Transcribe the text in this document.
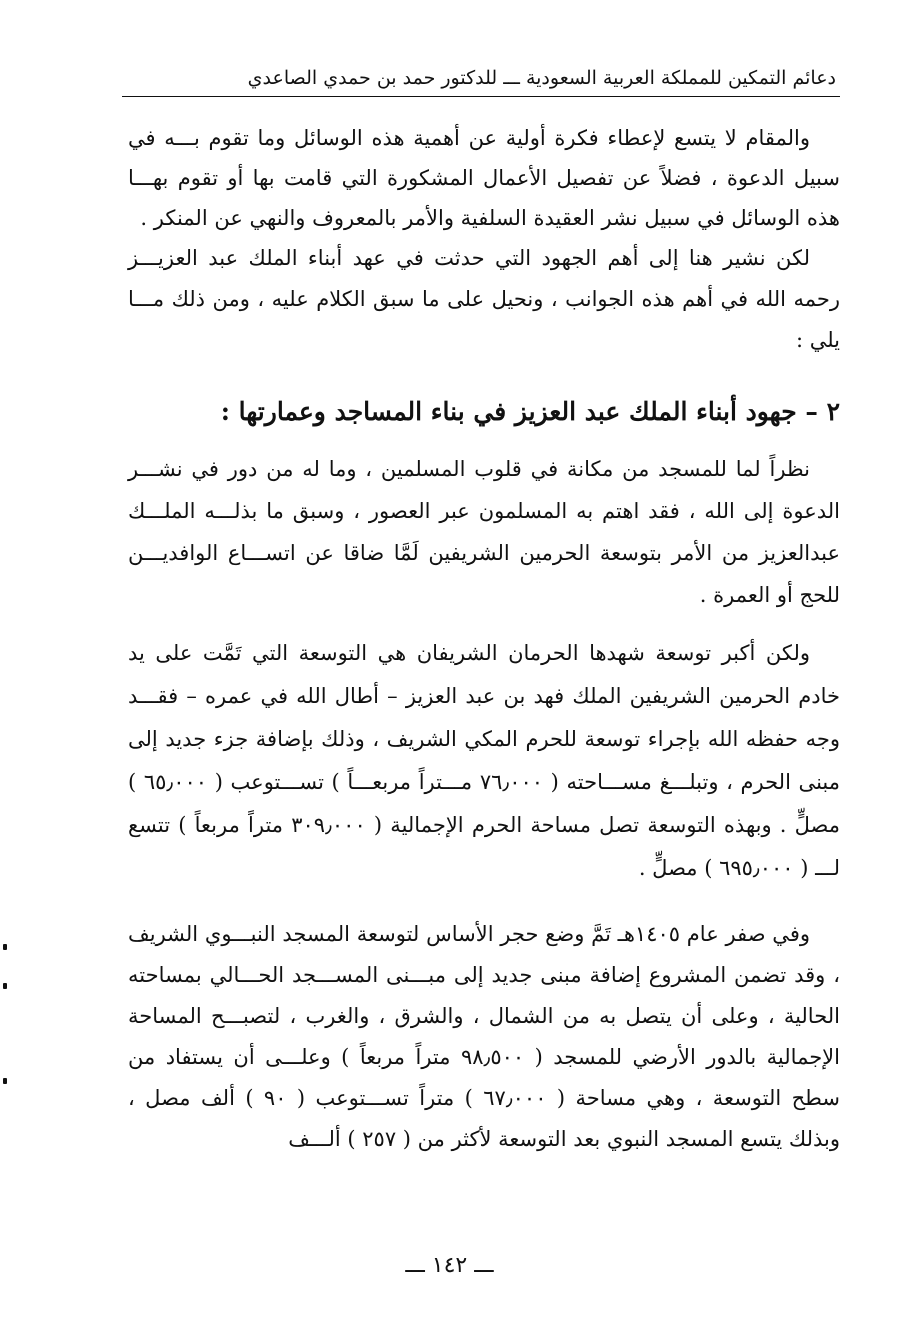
دعائم التمكين للمملكة العربية السعودية ـــ للدكتور حمد بن حمدي الصاعدي
والمقام لا يتسع لإعطاء فكرة أولية عن أهمية هذه الوسائل وما تقوم بـــه في سبيل الدعوة ، فضلاً عن تفصيل الأعمال المشكورة التي قامت بها أو تقوم بهـــا هذه الوسائل في سبيل نشر العقيدة السلفية والأمر بالمعروف والنهي عن المنكر .
لكن نشير هنا إلى أهم الجهود التي حدثت في عهد أبناء الملك عبد العزيـــز رحمه الله في أهم هذه الجوانب ، ونحيل على ما سبق الكلام عليه ، ومن ذلك مـــا يلي :
٢ – جهود أبناء الملك عبد العزيز في بناء المساجد وعمارتها :
نظراً لما للمسجد من مكانة في قلوب المسلمين ، وما له من دور في نشـــر الدعوة إلى الله ، فقد اهتم به المسلمون عبر العصور ، وسبق ما بذلـــه الملـــك عبدالعزيز من الأمر بتوسعة الحرمين الشريفين لَمَّا ضاقا عن اتســـاع الوافديـــن للحج أو العمرة .
ولكن أكبر توسعة شهدها الحرمان الشريفان هي التوسعة التي تَمَّت على يد خادم الحرمين الشريفين الملك فهد بن عبد العزيز – أطال الله في عمره – فقـــد وجه حفظه الله بإجراء توسعة للحرم المكي الشريف ، وذلك بإضافة جزء جديد إلى مبنى الحرم ، وتبلـــغ مســـاحته ( ٧٦٫٠٠٠ مـــتراً مربعـــاً ) تســـتوعب ( ٦٥٫٠٠٠ ) مصلٍّ . وبهذه التوسعة تصل مساحة الحرم الإجمالية ( ٣٠٩٫٠٠٠ متراً مربعاً ) تتسع لـــ ( ٦٩٥٫٠٠٠ ) مصلٍّ .
وفي صفر عام ١٤٠٥هـ تَمَّ وضع حجر الأساس لتوسعة المسجد النبـــوي الشريف ، وقد تضمن المشروع إضافة مبنى جديد إلى مبـــنى المســـجد الحـــالي بمساحته الحالية ، وعلى أن يتصل به من الشمال ، والشرق ، والغرب ، لتصبـــح المساحة الإجمالية بالدور الأرضي للمسجد ( ٩٨٫٥٠٠ متراً مربعاً ) وعلـــى أن يستفاد من سطح التوسعة ، وهي مساحة ( ٦٧٫٠٠٠ ) متراً تســـتوعب ( ٩٠ ) ألف مصل ، وبذلك يتسع المسجد النبوي بعد التوسعة لأكثر من ( ٢٥٧ ) ألـــف
ـــ ١٤٢ ـــ
